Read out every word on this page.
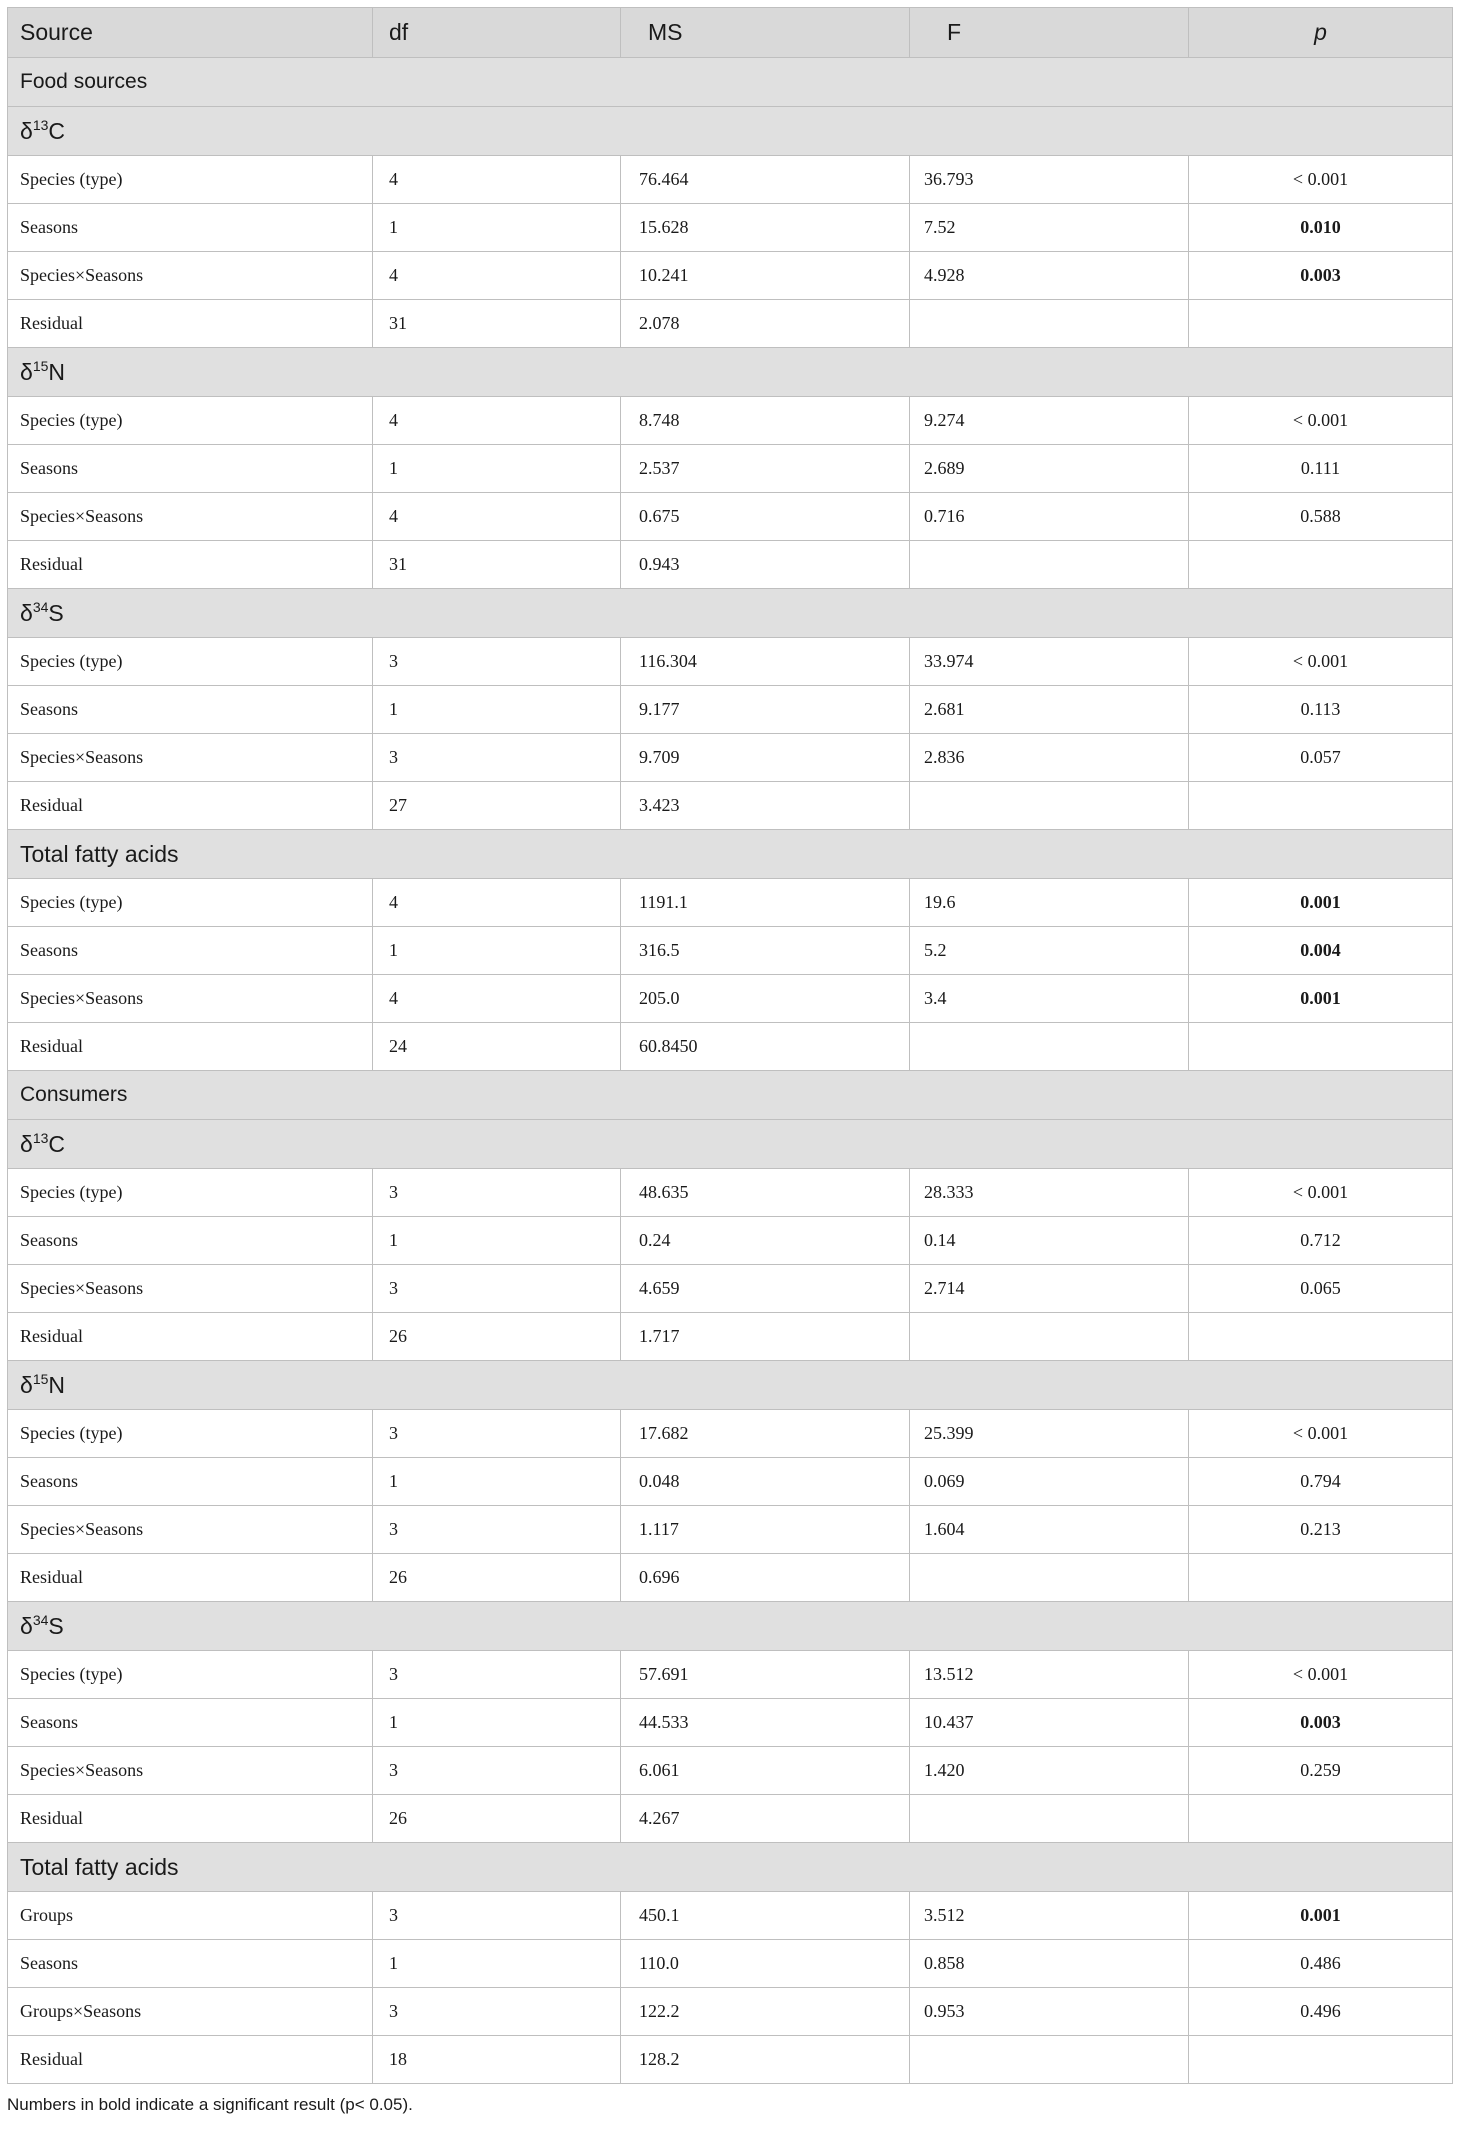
Source	df	MS	F	p
Food sources				
$\delta^{13}C$				
Species (type)	4	76.464	36.793	< 0.001
Seasons	1	15.628	7.52	0.010
Species×Seasons	4	10.241	4.928	0.003
Residual	31	2.078		
$\delta^{15}N$				
Species (type)	4	8.748	9.274	< 0.001
Seasons	1	2.537	2.689	0.111
Species×Seasons	4	0.675	0.716	0.588
Residual	31	0.943		
$\delta^{34}S$				
Species (type)	3	116.304	33.974	< 0.001
Seasons	1	9.177	2.681	0.113
Species×Seasons	3	9.709	2.836	0.057
Residual	27	3.423		
Total fatty acids				
Species (type)	4	1191.1	19.6	0.001
Seasons	1	316.5	5.2	0.004
Species×Seasons	4	205.0	3.4	0.001
Residual	24	60.8450		
Consumers				
$\delta^{13}C$				
Species (type)	3	48.635	28.333	< 0.001
Seasons	1	0.24	0.14	0.712
Species×Seasons	3	4.659	2.714	0.065
Residual	26	1.717		
$\delta^{15}N$				
Species (type)	3	17.682	25.399	< 0.001
Seasons	1	0.048	0.069	0.794
Species×Seasons	3	1.117	1.604	0.213
Residual	26	0.696		
$\delta^{34}S$				
Species (type)	3	57.691	13.512	< 0.001
Seasons	1	44.533	10.437	0.003
Species×Seasons	3	6.061	1.420	0.259
Residual	26	4.267		
Total fatty acids				
Groups	3	450.1	3.512	0.001
Seasons	1	110.0	0.858	0.486
Groups×Seasons	3	122.2	0.953	0.496
Residual	18	128.2		
Numbers in bold indicate a significant result (p< 0.05).
